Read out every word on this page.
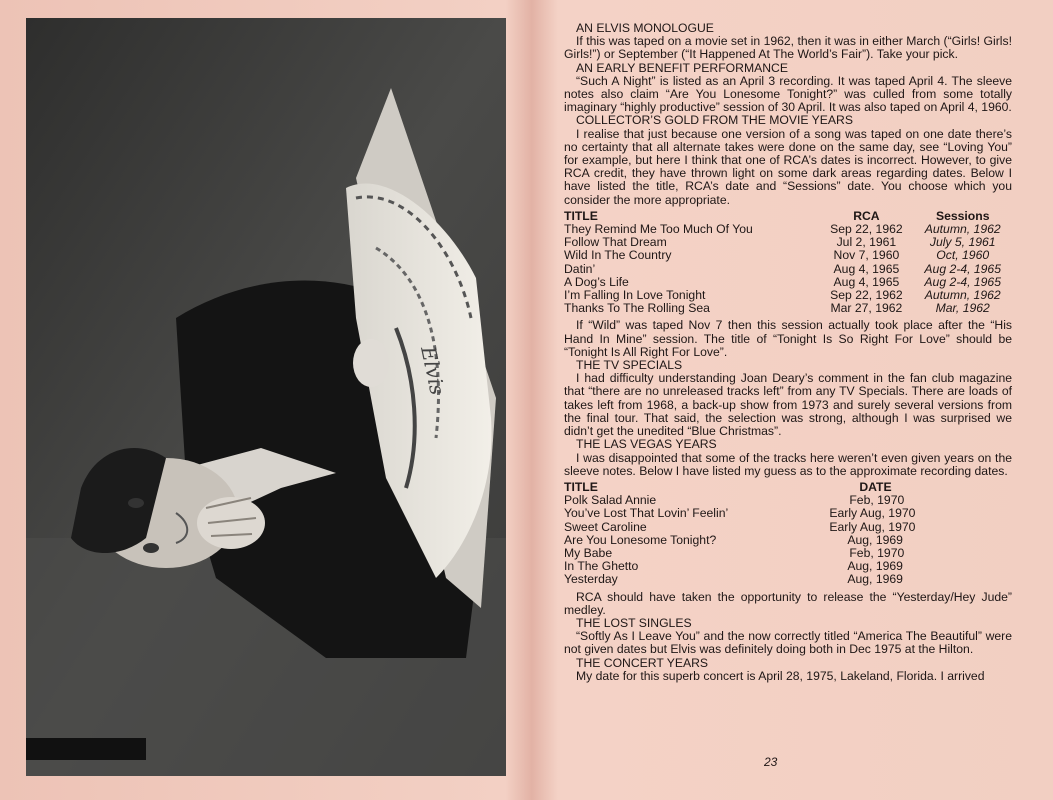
Elvis

AN ELVIS MONOLOGUE

If this was taped on a movie set in 1962, then it was in either March (“Girls! Girls! Girls!”) or September (“It Happened At The World’s Fair”). Take your pick.

AN EARLY BENEFIT PERFORMANCE

“Such A Night” is listed as an April 3 recording. It was taped April 4. The sleeve notes also claim “Are You Lonesome Tonight?” was culled from some totally imaginary “highly productive” session of 30 April. It was also taped on April 4, 1960.

COLLECTOR’S GOLD FROM THE MOVIE YEARS

I realise that just because one version of a song was taped on one date there’s no certainty that all alternate takes were done on the same day, see “Loving You” for example, but here I think that one of RCA’s dates is incorrect. However, to give RCA credit, they have thrown light on some dark areas regarding dates. Below I have listed the title, RCA’s date and “Sessions” date. You choose which you consider the more appropriate.

TITLE	RCA	Sessions
They Remind Me Too Much Of You	Sep 22, 1962	Autumn, 1962
Follow That Dream	Jul 2, 1961	July 5, 1961
Wild In The Country	Nov 7, 1960	Oct, 1960
Datin’	Aug 4, 1965	Aug 2-4, 1965
A Dog’s Life	Aug 4, 1965	Aug 2-4, 1965
I’m Falling In Love Tonight	Sep 22, 1962	Autumn, 1962
Thanks To The Rolling Sea	Mar 27, 1962	Mar, 1962

If “Wild” was taped Nov 7 then this session actually took place after the “His Hand In Mine” session. The title of “Tonight Is So Right For Love” should be “Tonight Is All Right For Love”.

THE TV SPECIALS

I had difficulty understanding Joan Deary’s comment in the fan club magazine that “there are no unreleased tracks left” from any TV Specials. There are loads of takes left from 1968, a back-up show from 1973 and surely several versions from the final tour. That said, the selection was strong, although I was surprised we didn’t get the unedited “Blue Christmas”.

THE LAS VEGAS YEARS

I was disappointed that some of the tracks here weren’t even given years on the sleeve notes. Below I have listed my guess as to the approximate recording dates.

TITLE	DATE
Polk Salad Annie	Feb, 1970
You’ve Lost That Lovin’ Feelin’	Early Aug, 1970
Sweet Caroline	Early Aug, 1970
Are You Lonesome Tonight?	Aug, 1969
My Babe	Feb, 1970
In The Ghetto	Aug, 1969
Yesterday	Aug, 1969

RCA should have taken the opportunity to release the “Yesterday/Hey Jude” medley.

THE LOST SINGLES

“Softly As I Leave You” and the now correctly titled “America The Beautiful” were not given dates but Elvis was definitely doing both in Dec 1975 at the Hilton.

THE CONCERT YEARS

My date for this superb concert is April 28, 1975, Lakeland, Florida. I arrived

23
